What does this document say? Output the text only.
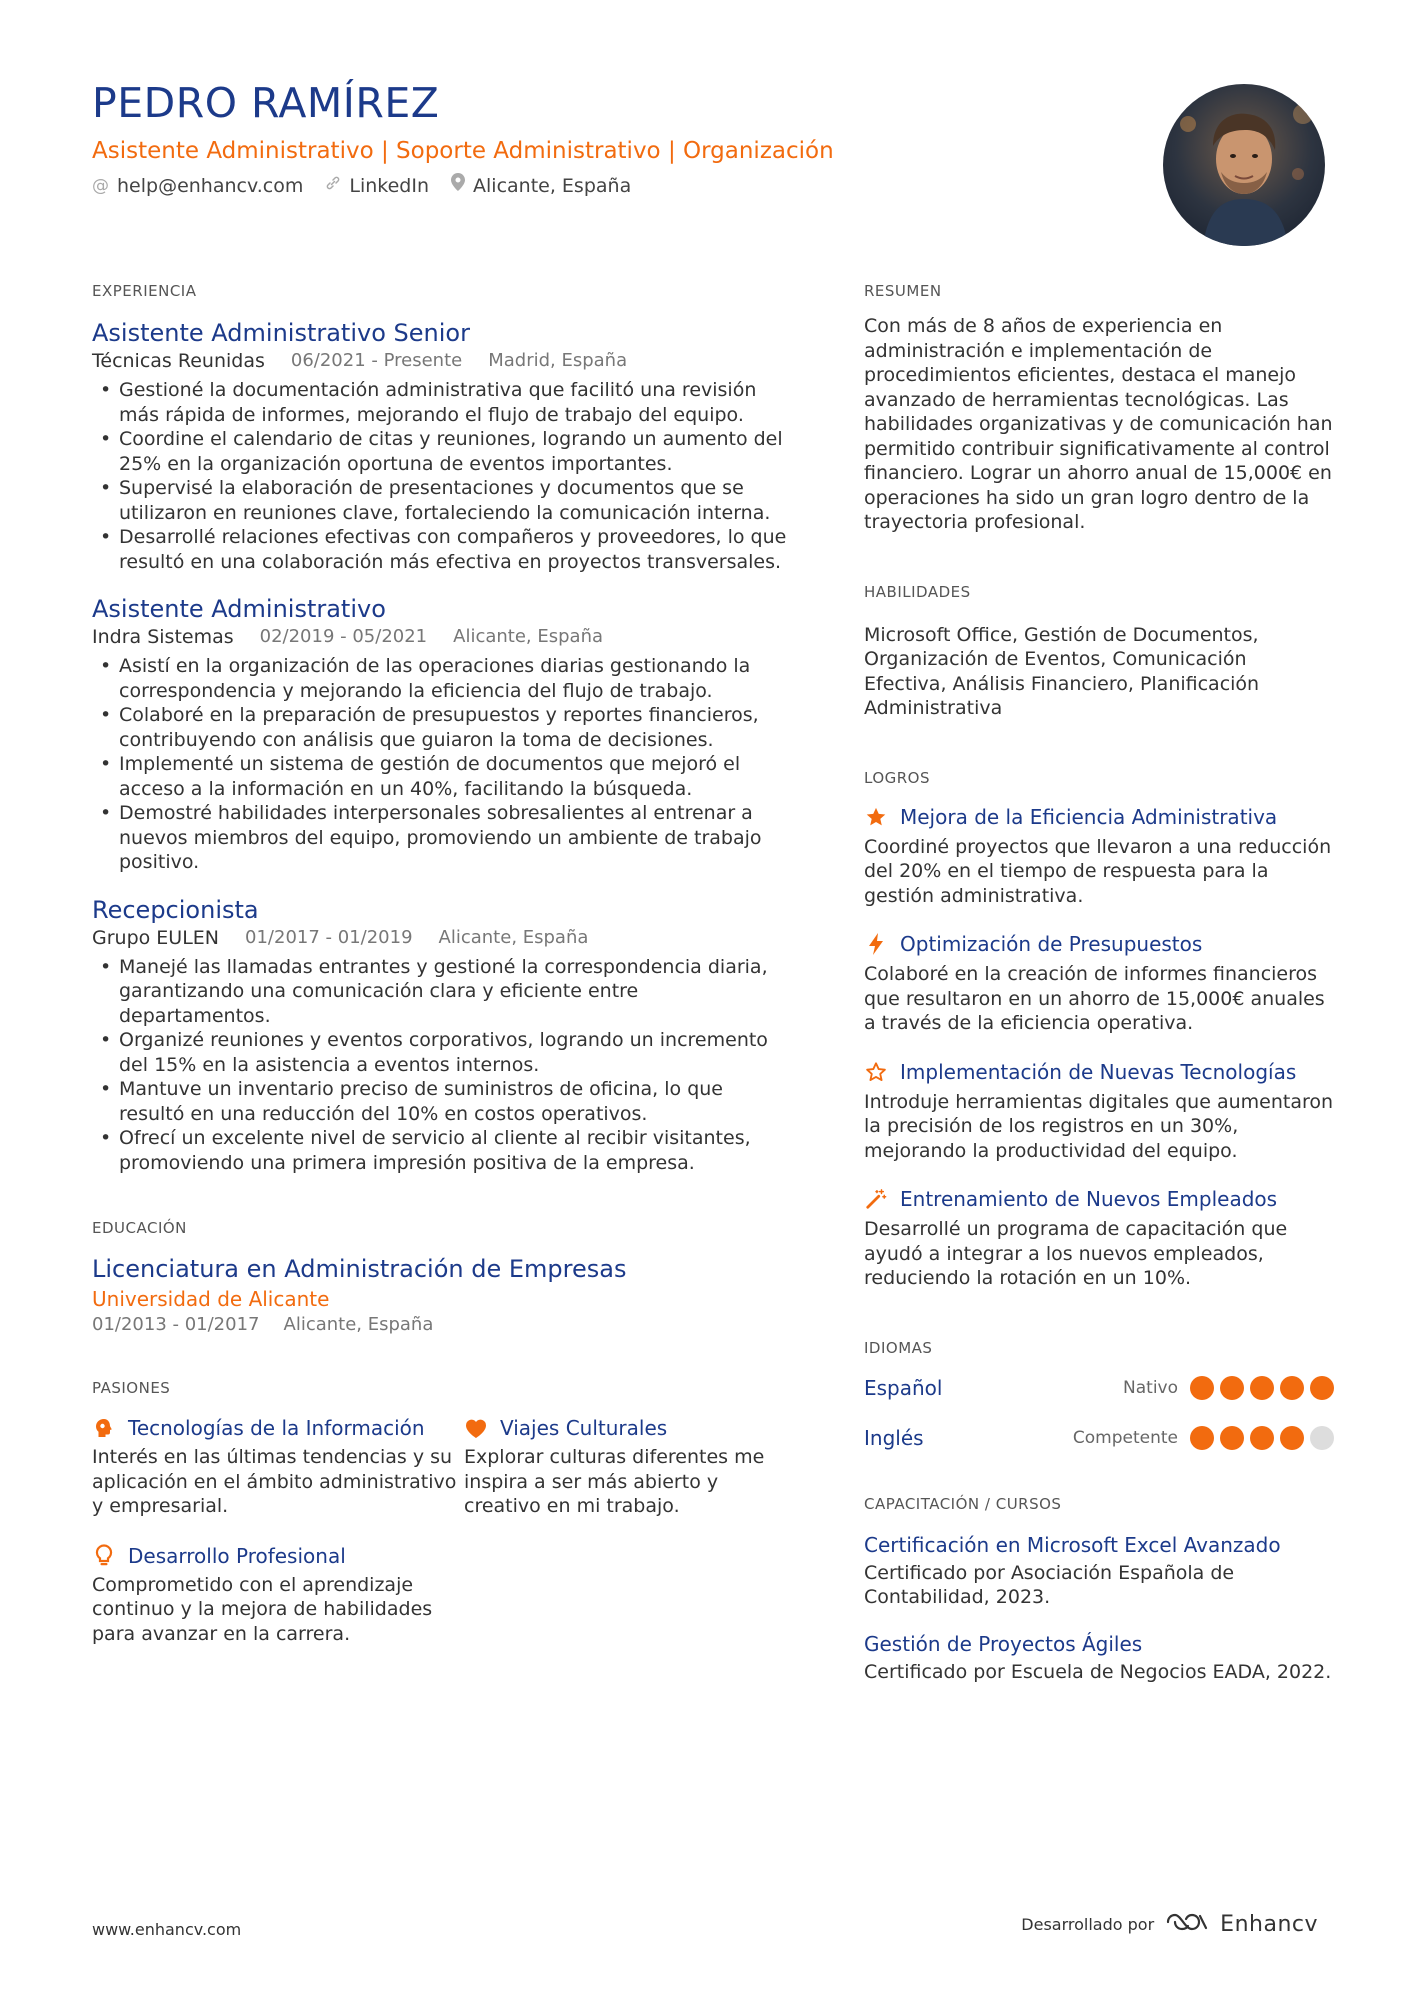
PEDRO RAMÍREZ
Asistente Administrativo | Soporte Administrativo | Organización
@ help@enhancv.com LinkedIn Alicante, España
EXPERIENCIA
Asistente Administrativo Senior
Técnicas Reunidas 06/2021 - Presente Madrid, España
• Gestioné la documentación administrativa que facilitó una revisión más rápida de informes, mejorando el flujo de trabajo del equipo.
• Coordine el calendario de citas y reuniones, logrando un aumento del 25% en la organización oportuna de eventos importantes.
• Supervisé la elaboración de presentaciones y documentos que se utilizaron en reuniones clave, fortaleciendo la comunicación interna.
• Desarrollé relaciones efectivas con compañeros y proveedores, lo que resultó en una colaboración más efectiva en proyectos transversales.
Asistente Administrativo
Indra Sistemas 02/2019 - 05/2021 Alicante, España
• Asistí en la organización de las operaciones diarias gestionando la correspondencia y mejorando la eficiencia del flujo de trabajo.
• Colaboré en la preparación de presupuestos y reportes financieros, contribuyendo con análisis que guiaron la toma de decisiones.
• Implementé un sistema de gestión de documentos que mejoró el acceso a la información en un 40%, facilitando la búsqueda.
• Demostré habilidades interpersonales sobresalientes al entrenar a nuevos miembros del equipo, promoviendo un ambiente de trabajo positivo.
Recepcionista
Grupo EULEN 01/2017 - 01/2019 Alicante, España
• Manejé las llamadas entrantes y gestioné la correspondencia diaria, garantizando una comunicación clara y eficiente entre departamentos.
• Organizé reuniones y eventos corporativos, logrando un incremento del 15% en la asistencia a eventos internos.
• Mantuve un inventario preciso de suministros de oficina, lo que resultó en una reducción del 10% en costos operativos.
• Ofrecí un excelente nivel de servicio al cliente al recibir visitantes, promoviendo una primera impresión positiva de la empresa.
EDUCACIÓN
Licenciatura en Administración de Empresas
Universidad de Alicante
01/2013 - 01/2017 Alicante, España
PASIONES
Tecnologías de la Información
Interés en las últimas tendencias y su aplicación en el ámbito administrativo y empresarial.
Viajes Culturales
Explorar culturas diferentes me inspira a ser más abierto y creativo en mi trabajo.
Desarrollo Profesional
Comprometido con el aprendizaje continuo y la mejora de habilidades para avanzar en la carrera.
RESUMEN
Con más de 8 años de experiencia en administración e implementación de procedimientos eficientes, destaca el manejo avanzado de herramientas tecnológicas. Las habilidades organizativas y de comunicación han permitido contribuir significativamente al control financiero. Lograr un ahorro anual de 15,000€ en operaciones ha sido un gran logro dentro de la trayectoria profesional.
HABILIDADES
Microsoft Office, Gestión de Documentos, Organización de Eventos, Comunicación Efectiva, Análisis Financiero, Planificación Administrativa
LOGROS
Mejora de la Eficiencia Administrativa
Coordiné proyectos que llevaron a una reducción del 20% en el tiempo de respuesta para la gestión administrativa.
Optimización de Presupuestos
Colaboré en la creación de informes financieros que resultaron en un ahorro de 15,000€ anuales a través de la eficiencia operativa.
Implementación de Nuevas Tecnologías
Introduje herramientas digitales que aumentaron la precisión de los registros en un 30%, mejorando la productividad del equipo.
Entrenamiento de Nuevos Empleados
Desarrollé un programa de capacitación que ayudó a integrar a los nuevos empleados, reduciendo la rotación en un 10%.
IDIOMAS
Español	Nativo
Inglés	Competente
CAPACITACIÓN / CURSOS
Certificación en Microsoft Excel Avanzado
Certificado por Asociación Española de Contabilidad, 2023.
Gestión de Proyectos Ágiles
Certificado por Escuela de Negocios EADA, 2022.
www.enhancv.com	Desarrollado por	Enhancv
